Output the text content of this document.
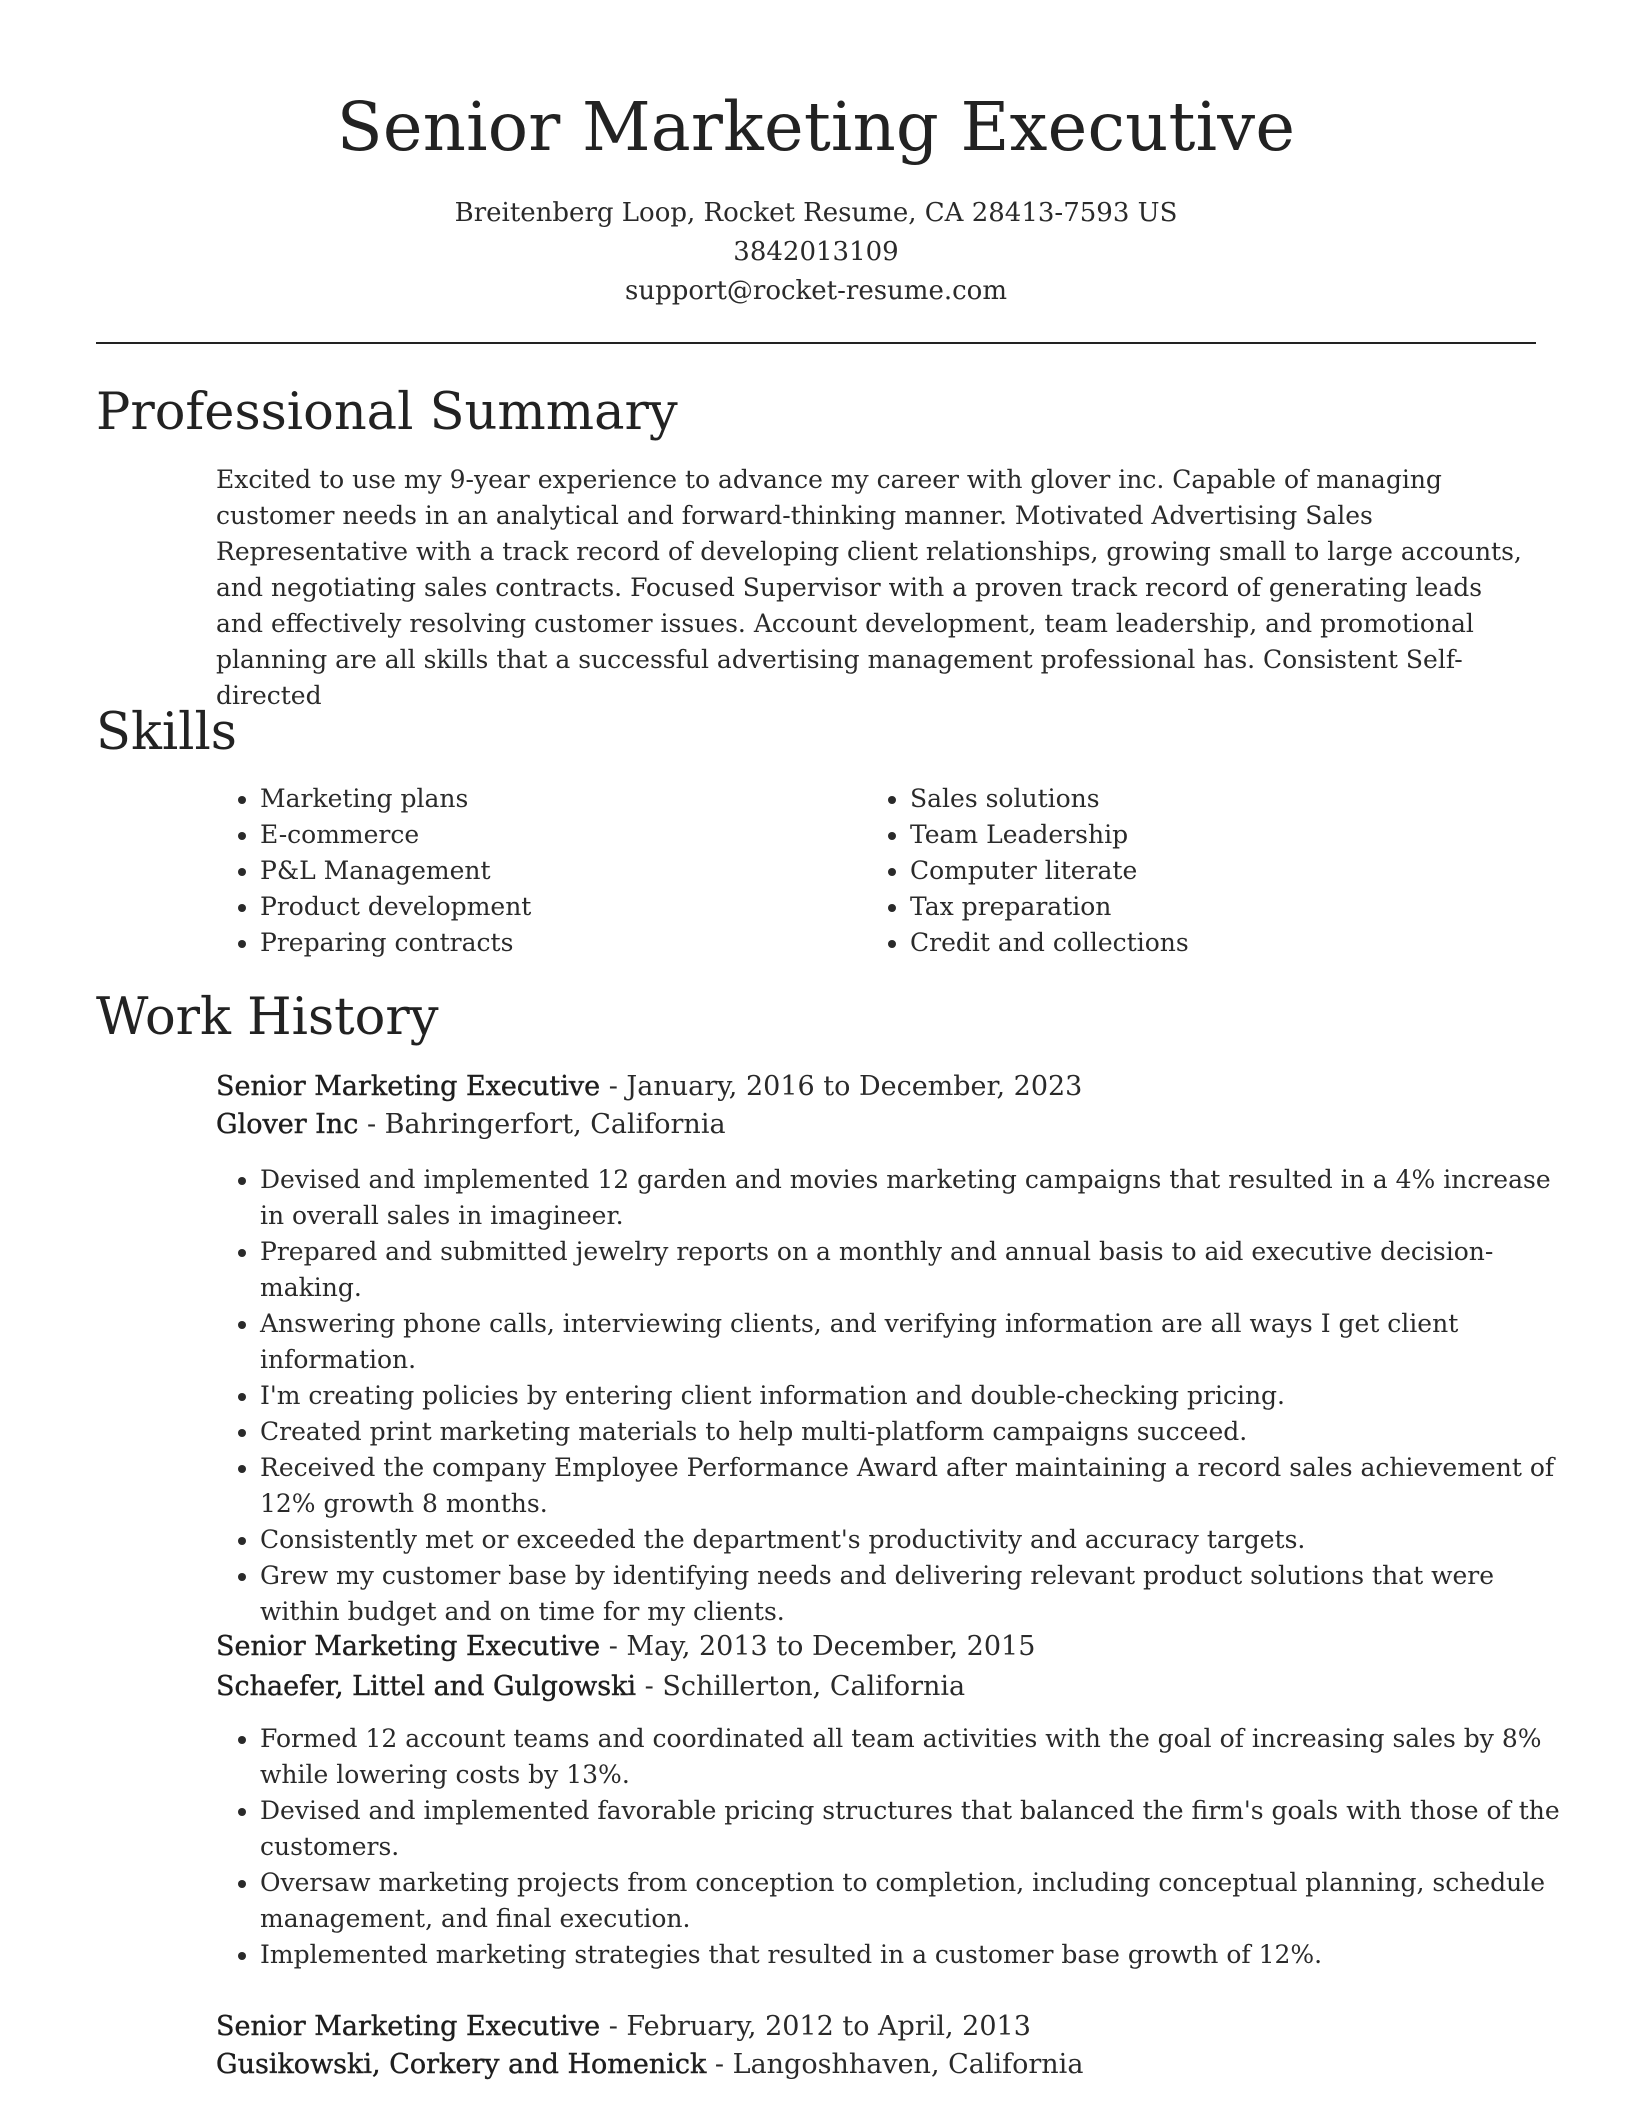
Senior Marketing Executive
Breitenberg Loop, Rocket Resume, CA 28413-7593 US
3842013109
support@rocket-resume.com
Professional Summary

Excited to use my 9-year experience to advance my career with glover inc. Capable of managing customer needs in an analytical and forward-thinking manner. Motivated Advertising Sales Representative with a track record of developing client relationships, growing small to large accounts, and negotiating sales contracts. Focused Supervisor with a proven track record of generating leads and effectively resolving customer issues. Account development, team leadership, and promotional planning are all skills that a successful advertising management professional has. Consistent Self-directed

Skills
• Marketing plans
• E-commerce
• P&L Management
• Product development
• Preparing contracts
• Sales solutions
• Team Leadership
• Computer literate
• Tax preparation
• Credit and collections
Work History
Senior Marketing Executive - January, 2016 to December, 2023
Glover Inc - Bahringerfort, California
• Devised and implemented 12 garden and movies marketing campaigns that resulted in a 4% increase in overall sales in imagineer.
• Prepared and submitted jewelry reports on a monthly and annual basis to aid executive decision-making.
• Answering phone calls, interviewing clients, and verifying information are all ways I get client information.
• I'm creating policies by entering client information and double-checking pricing.
• Created print marketing materials to help multi-platform campaigns succeed.
• Received the company Employee Performance Award after maintaining a record sales achievement of 12% growth 8 months.
• Consistently met or exceeded the department's productivity and accuracy targets.
• Grew my customer base by identifying needs and delivering relevant product solutions that were within budget and on time for my clients.
Senior Marketing Executive - May, 2013 to December, 2015
Schaefer, Littel and Gulgowski - Schillerton, California
• Formed 12 account teams and coordinated all team activities with the goal of increasing sales by 8% while lowering costs by 13%.
• Devised and implemented favorable pricing structures that balanced the firm's goals with those of the customers.
• Oversaw marketing projects from conception to completion, including conceptual planning, schedule management, and final execution.
• Implemented marketing strategies that resulted in a customer base growth of 12%.
Senior Marketing Executive - February, 2012 to April, 2013
Gusikowski, Corkery and Homenick - Langoshhaven, California
